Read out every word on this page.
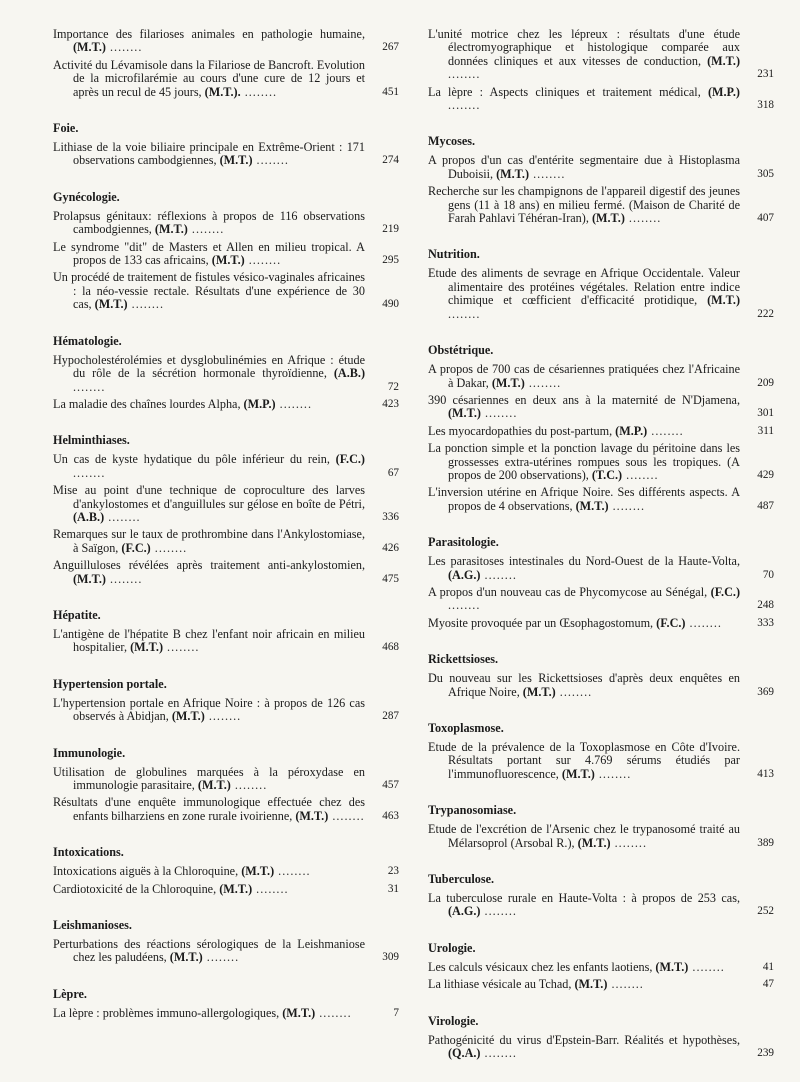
Importance des filarioses animales en pathologie humaine, (M.T.) ........	267
Activité du Lévamisole dans la Filariose de Bancroft. Evolution de la microfilarémie au cours d'une cure de 12 jours et après un recul de 45 jours, (M.T.). ........	451
Foie.
Lithiase de la voie biliaire principale en Extrême-Orient : 171 observations cambodgiennes, (M.T.) ........	274
Gynécologie.
Prolapsus génitaux: réflexions à propos de 116 observations cambodgiennes, (M.T.) ........	219
Le syndrome "dit" de Masters et Allen en milieu tropical. A propos de 133 cas africains, (M.T.) ........	295
Un procédé de traitement de fistules vésico-vaginales africaines : la néo-vessie rectale. Résultats d'une expérience de 30 cas, (M.T.) ........	490
Hématologie.
Hypocholestérolémies et dysglobulinémies en Afrique : étude du rôle de la sécrétion hormonale thyroïdienne, (A.B.) ........	72
La maladie des chaînes lourdes Alpha, (M.P.) ........	423
Helminthiases.
Un cas de kyste hydatique du pôle inférieur du rein, (F.C.) ........	67
Mise au point d'une technique de coproculture des larves d'ankylostomes et d'anguillules sur gélose en boîte de Pétri, (A.B.) ........	336
Remarques sur le taux de prothrombine dans l'Ankylostomiase, à Saïgon, (F.C.) ........	426
Anguilluloses révélées après traitement anti-ankylostomien, (M.T.) ........	475
Hépatite.
L'antigène de l'hépatite B chez l'enfant noir africain en milieu hospitalier, (M.T.) ........	468
Hypertension portale.
L'hypertension portale en Afrique Noire : à propos de 126 cas observés à Abidjan, (M.T.) ........	287
Immunologie.
Utilisation de globulines marquées à la péroxydase en immunologie parasitaire, (M.T.) ........	457
Résultats d'une enquête immunologique effectuée chez des enfants bilharziens en zone rurale ivoirienne, (M.T.) ........	463
Intoxications.
Intoxications aiguës à la Chloroquine, (M.T.) ........	23
Cardiotoxicité de la Chloroquine, (M.T.) ........	31
Leishmanioses.
Perturbations des réactions sérologiques de la Leishmaniose chez les paludéens, (M.T.) ........	309
Lèpre.
La lèpre : problèmes immuno-allergologiques, (M.T.) ........	7
L'unité motrice chez les lépreux : résultats d'une étude électromyographique et histologique comparée aux données cliniques et aux vitesses de conduction, (M.T.) ........	231
La lèpre : Aspects cliniques et traitement médical, (M.P.) ........	318
Mycoses.
A propos d'un cas d'entérite segmentaire due à Histoplasma Duboisii, (M.T.) ........	305
Recherche sur les champignons de l'appareil digestif des jeunes gens (11 à 18 ans) en milieu fermé. (Maison de Charité de Farah Pahlavi Téhéran-Iran), (M.T.) ........	407
Nutrition.
Etude des aliments de sevrage en Afrique Occidentale. Valeur alimentaire des protéines végétales. Relation entre indice chimique et cœfficient d'efficacité protidique, (M.T.) ........	222
Obstétrique.
A propos de 700 cas de césariennes pratiquées chez l'Africaine à Dakar, (M.T.) ........	209
390 césariennes en deux ans à la maternité de N'Djamena, (M.T.) ........	301
Les myocardopathies du post-partum, (M.P.) ........	311
La ponction simple et la ponction lavage du péritoine dans les grossesses extra-utérines rompues sous les tropiques. (A propos de 200 observations), (T.C.) ........	429
L'inversion utérine en Afrique Noire. Ses différents aspects. A propos de 4 observations, (M.T.) ........	487
Parasitologie.
Les parasitoses intestinales du Nord-Ouest de la Haute-Volta, (A.G.) ........	70
A propos d'un nouveau cas de Phycomycose au Sénégal, (F.C.) ........	248
Myosite provoquée par un Œsophagostomum, (F.C.) ........	333
Rickettsioses.
Du nouveau sur les Rickettsioses d'après deux enquêtes en Afrique Noire, (M.T.) ........	369
Toxoplasmose.
Etude de la prévalence de la Toxoplasmose en Côte d'Ivoire. Résultats portant sur 4.769 sérums étudiés par l'immunofluorescence, (M.T.) ........	413
Trypanosomiase.
Etude de l'excrétion de l'Arsenic chez le trypanosomé traité au Mélarsoprol (Arsobal R.), (M.T.) ........	389
Tuberculose.
La tuberculose rurale en Haute-Volta : à propos de 253 cas, (A.G.) ........	252
Urologie.
Les calculs vésicaux chez les enfants laotiens, (M.T.) ........	41
La lithiase vésicale au Tchad, (M.T.) ........	47
Virologie.
Pathogénicité du virus d'Epstein-Barr. Réalités et hypothèses, (Q.A.) ........	239
